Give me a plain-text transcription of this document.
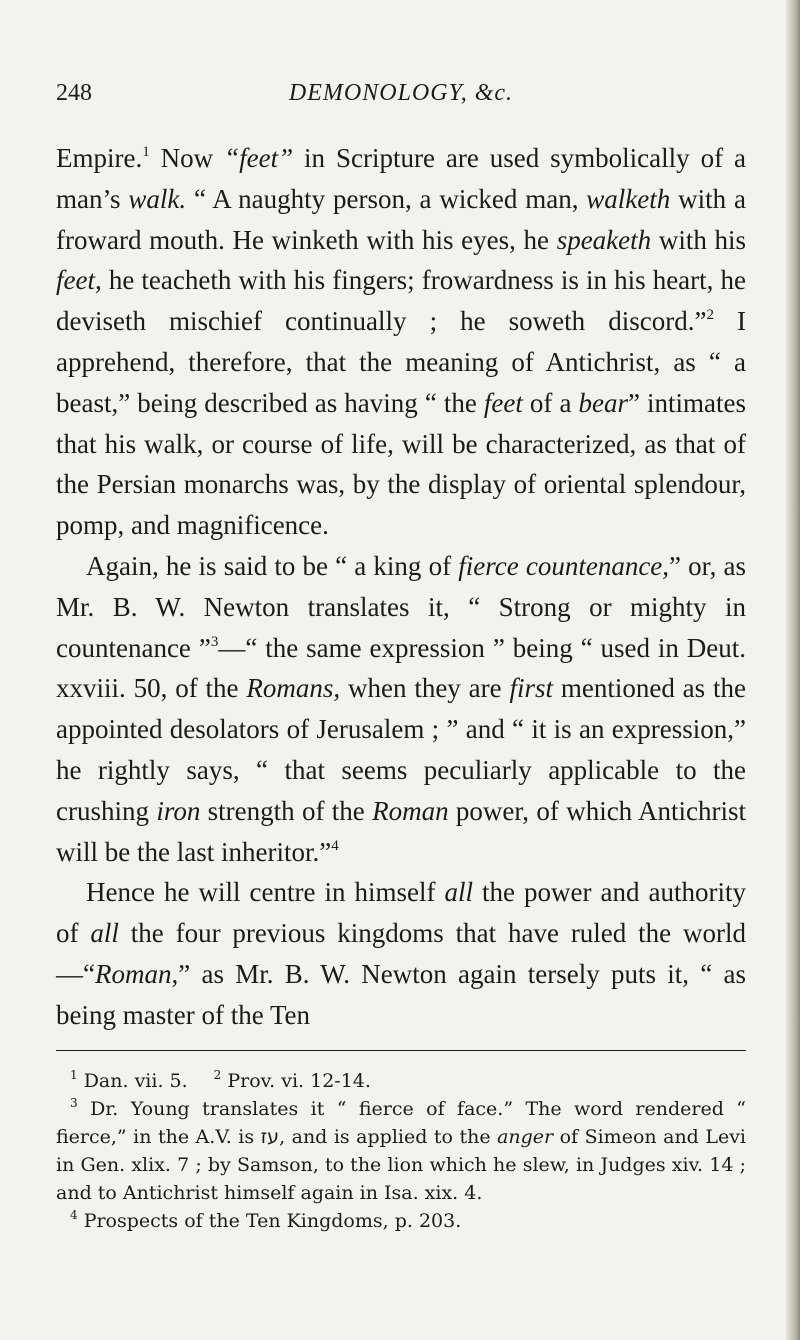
248	DEMONOLOGY, &c.

Empire.$^1$ Now “feet” in Scripture are used symbolically of a man’s walk. “ A naughty person, a wicked man, walketh with a froward mouth. He winketh with his eyes, he speaketh with his feet, he teacheth with his fingers; frowardness is in his heart, he deviseth mischief continually ; he soweth discord.”$^2$ I apprehend, therefore, that the meaning of Antichrist, as “ a beast,” being described as having “ the feet of a bear” intimates that his walk, or course of life, will be characterized, as that of the Persian monarchs was, by the display of oriental splendour, pomp, and magnificence.

Again, he is said to be “ a king of fierce countenance,” or, as Mr. B. W. Newton translates it, “ Strong or mighty in countenance ”$^3$—“ the same expression ” being “ used in Deut. xxviii. 50, of the Romans, when they are first mentioned as the appointed desolators of Jerusalem ; ” and “ it is an expression,” he rightly says, “ that seems peculiarly applicable to the crushing iron strength of the Roman power, of which Antichrist will be the last inheritor.”$^4$

Hence he will centre in himself all the power and authority of all the four previous kingdoms that have ruled the world—“Roman,” as Mr. B. W. Newton again tersely puts it, “ as being master of the Ten

$^1$ Dan. vii. 5. $^2$ Prov. vi. 12-14.

$^3$ Dr. Young translates it “ fierce of face.” The word rendered “ fierce,” in the A.V. is עז, and is applied to the anger of Simeon and Levi in Gen. xlix. 7 ; by Samson, to the lion which he slew, in Judges xiv. 14 ; and to Antichrist himself again in Isa. xix. 4.

$^4$ Prospects of the Ten Kingdoms, p. 203.
